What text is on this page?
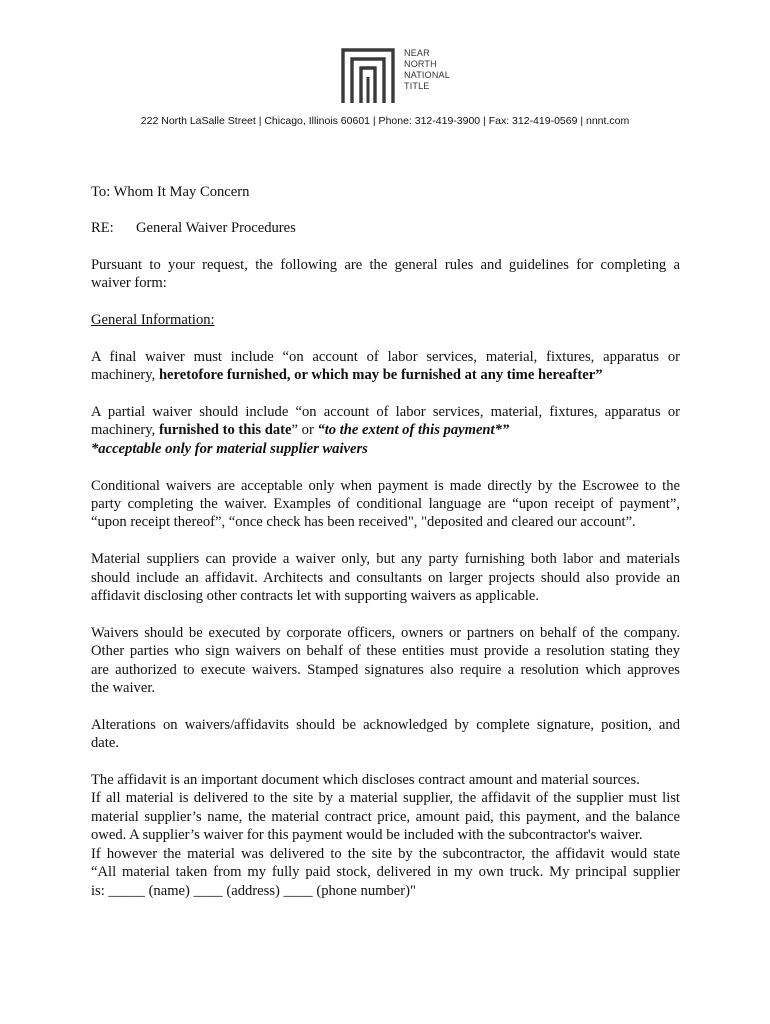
NEAR
NORTH
NATIONAL
TITLE
222 North LaSalle Street | Chicago, Illinois 60601 | Phone: 312-419-3900 | Fax: 312-419-0569 | nnnt.com

To: Whom It May Concern

RE: General Waiver Procedures

Pursuant to your request, the following are the general rules and guidelines for completing a

waiver form:

General Information:

A final waiver must include “on account of labor services, material, fixtures, apparatus or

machinery, heretofore furnished, or which may be furnished at any time hereafter”

A partial waiver should include “on account of labor services, material, fixtures, apparatus or

machinery, furnished to this date” or “to the extent of this payment*”

*acceptable only for material supplier waivers

Conditional waivers are acceptable only when payment is made directly by the Escrowee to the

party completing the waiver. Examples of conditional language are “upon receipt of payment”,

“upon receipt thereof”, “once check has been received", "deposited and cleared our account”.

Material suppliers can provide a waiver only, but any party furnishing both labor and materials

should include an affidavit. Architects and consultants on larger projects should also provide an

affidavit disclosing other contracts let with supporting waivers as applicable.

Waivers should be executed by corporate officers, owners or partners on behalf of the company.

Other parties who sign waivers on behalf of these entities must provide a resolution stating they

are authorized to execute waivers. Stamped signatures also require a resolution which approves

the waiver.

Alterations on waivers/affidavits should be acknowledged by complete signature, position, and

date.

The affidavit is an important document which discloses contract amount and material sources.

If all material is delivered to the site by a material supplier, the affidavit of the supplier must list

material supplier’s name, the material contract price, amount paid, this payment, and the balance

owed. A supplier’s waiver for this payment would be included with the subcontractor's waiver.

If however the material was delivered to the site by the subcontractor, the affidavit would state

“All material taken from my fully paid stock, delivered in my own truck. My principal supplier

is: _____ (name) ____ (address) ____ (phone number)"
